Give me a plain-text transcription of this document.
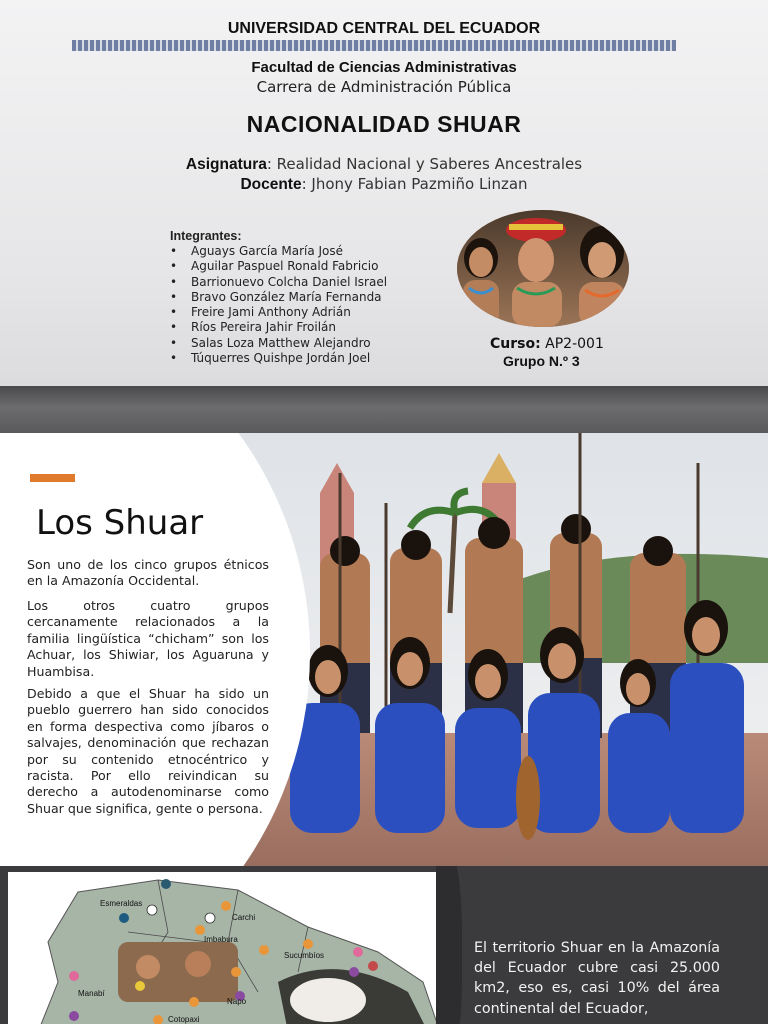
UNIVERSIDAD CENTRAL DEL ECUADOR
Facultad de Ciencias Administrativas
Carrera de Administración Pública
NACIONALIDAD SHUAR
Asignatura: Realidad Nacional y Saberes Ancestrales
Docente: Jhony Fabian Pazmiño Linzan
Integrantes:
• Aguays García María José
• Aguilar Paspuel Ronald Fabricio
• Barrionuevo Colcha Daniel Israel
• Bravo González María Fernanda
• Freire Jami Anthony Adrián
• Ríos Pereira Jahir Froilán
• Salas Loza Matthew Alejandro
• Túquerres Quishpe Jordán Joel
Curso: AP2-001
Grupo N.º 3
Los Shuar

Son uno de los cinco grupos étnicos en la Amazonía Occidental.

Los otros cuatro grupos cercanamente relacionados a la familia lingüística “chicham” son los Achuar, los Shiwiar, los Aguaruna y Huambisa.

Debido a que el Shuar ha sido un pueblo guerrero han sido conocidos en forma despectiva como jíbaros o salvajes, denominación que rechazan por su contenido etnocéntrico y racista. Por ello reivindican su derecho a autodenominarse como Shuar que significa, gente o persona.

Esmeraldas
Carchi
Imbabura
Sucumbíos
Manabí
Napo
Cotopaxi

El territorio Shuar en la Amazonía del Ecuador cubre casi 25.000 km2, eso es, casi 10% del área continental del Ecuador,
